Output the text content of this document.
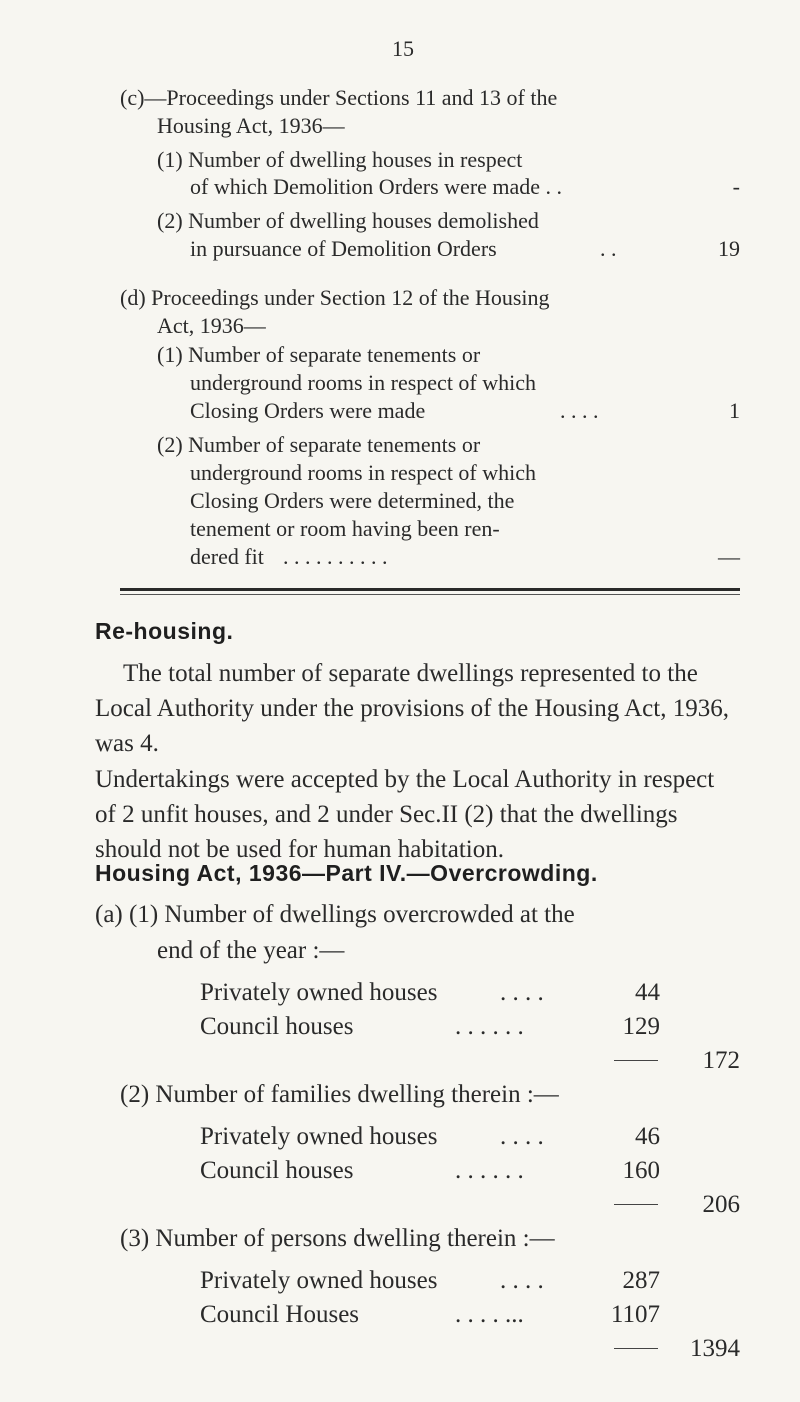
15
(c)—Proceedings under Sections 11 and 13 of the
Housing Act, 1936—
(1) Number of dwelling houses in respect
of which Demolition Orders were made . .	-
(2) Number of dwelling houses demolished
in pursuance of Demolition Orders	. .	19
(d) Proceedings under Section 12 of the Housing
Act, 1936—
(1) Number of separate tenements or
underground rooms in respect of which
Closing Orders were made	. . . .	1
(2) Number of separate tenements or
underground rooms in respect of which
Closing Orders were determined, the
tenement or room having been ren-
dered fit . . . . . . . . . .	—
Re-housing.
The total number of separate dwellings represented to the Local Authority under the provisions of the Housing Act, 1936, was 4.
Undertakings were accepted by the Local Authority in respect of 2 unfit houses, and 2 under Sec.II (2) that the dwellings should not be used for human habitation.
Housing Act, 1936—Part IV.—Overcrowding.
(a) (1) Number of dwellings overcrowded at the
end of the year :—
Privately owned houses	. . . .	44
Council houses	. . . . . .	129
172
(2) Number of families dwelling therein :—
Privately owned houses	. . . .	46
Council houses	. . . . . .	160
206
(3) Number of persons dwelling therein :—
Privately owned houses	. . . .	287
Council Houses	. . . . ...	1107
1394
